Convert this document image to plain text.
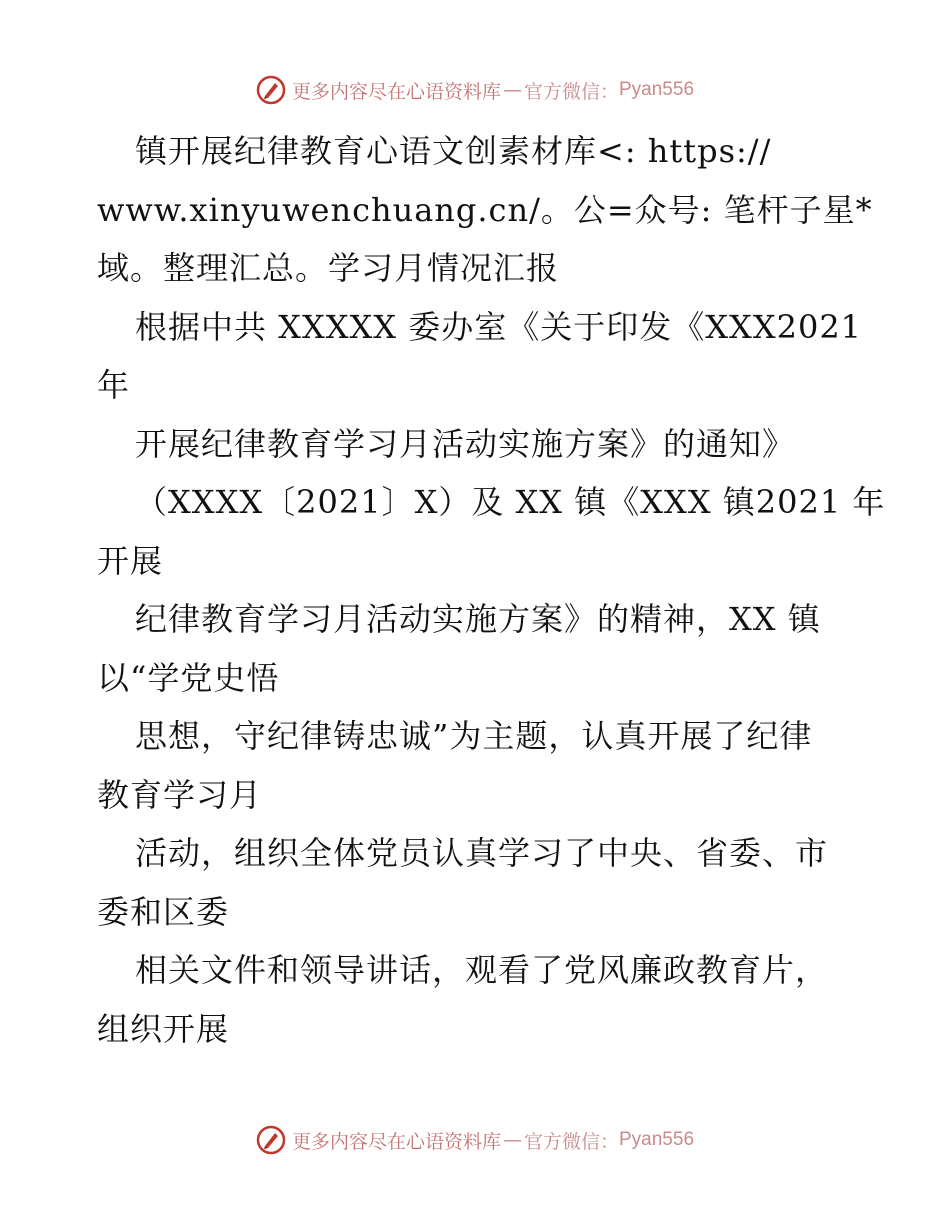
更多内容尽在心语资料库 — 官方微信： Pyan556
镇开展纪律教育心语文创素材库<: https://
www.xinyuwenchuang.cn/。公=众号: 笔杆子星*
域。整理汇总。学习月情况汇报
根据中共 XXXXX 委办室《关于印发《XXX2021
年
开展纪律教育学习月活动实施方案》的通知》
（XXXX〔2021〕X）及 XX 镇《XXX 镇2021 年
开展
纪律教育学习月活动实施方案》的精神，XX 镇
以“学党史悟
思想，守纪律铸忠诚”为主题，认真开展了纪律
教育学习月
活动，组织全体党员认真学习了中央、省委、市
委和区委
相关文件和领导讲话，观看了党风廉政教育片，
组织开展
更多内容尽在心语资料库 — 官方微信： Pyan556
